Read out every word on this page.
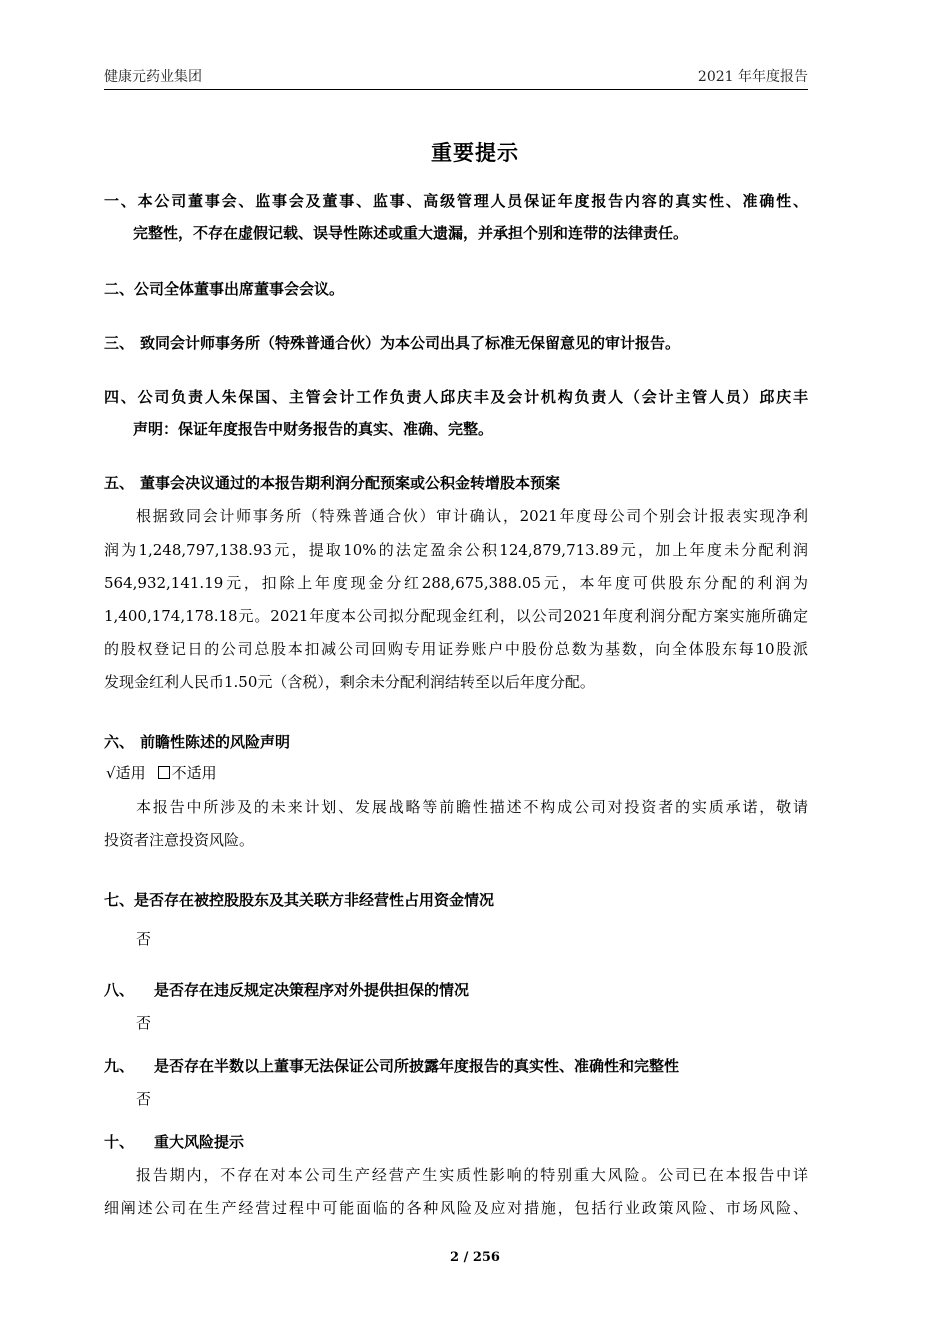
健康元药业集团	2021 年年度报告
重要提示
一、本公司董事会、监事会及董事、监事、高级管理人员保证年度报告内容的真实性、准确性、
完整性，不存在虚假记载、误导性陈述或重大遗漏，并承担个别和连带的法律责任。
二、公司全体董事出席董事会会议。
三、 致同会计师事务所（特殊普通合伙）为本公司出具了标准无保留意见的审计报告。
四、公司负责人朱保国、主管会计工作负责人邱庆丰及会计机构负责人（会计主管人员）邱庆丰
声明：保证年度报告中财务报告的真实、准确、完整。
五、 董事会决议通过的本报告期利润分配预案或公积金转增股本预案
根据致同会计师事务所（特殊普通合伙）审计确认，2021年度母公司个别会计报表实现净利
润为1,248,797,138.93元，提取10%的法定盈余公积124,879,713.89元，加上年度未分配利润
564,932,141.19元，扣除上年度现金分红288,675,388.05元，本年度可供股东分配的利润为
1,400,174,178.18元。2021年度本公司拟分配现金红利，以公司2021年度利润分配方案实施所确定
的股权登记日的公司总股本扣减公司回购专用证券账户中股份总数为基数，向全体股东每10股派
发现金红利人民币1.50元（含税），剩余未分配利润结转至以后年度分配。
六、 前瞻性陈述的风险声明
√适用 不适用
本报告中所涉及的未来计划、发展战略等前瞻性描述不构成公司对投资者的实质承诺，敬请
投资者注意投资风险。
七、是否存在被控股股东及其关联方非经营性占用资金情况
否
八、 是否存在违反规定决策程序对外提供担保的情况
否
九、 是否存在半数以上董事无法保证公司所披露年度报告的真实性、准确性和完整性
否
十、 重大风险提示
报告期内，不存在对本公司生产经营产生实质性影响的特别重大风险。公司已在本报告中详
细阐述公司在生产经营过程中可能面临的各种风险及应对措施，包括行业政策风险、市场风险、
2 / 256
